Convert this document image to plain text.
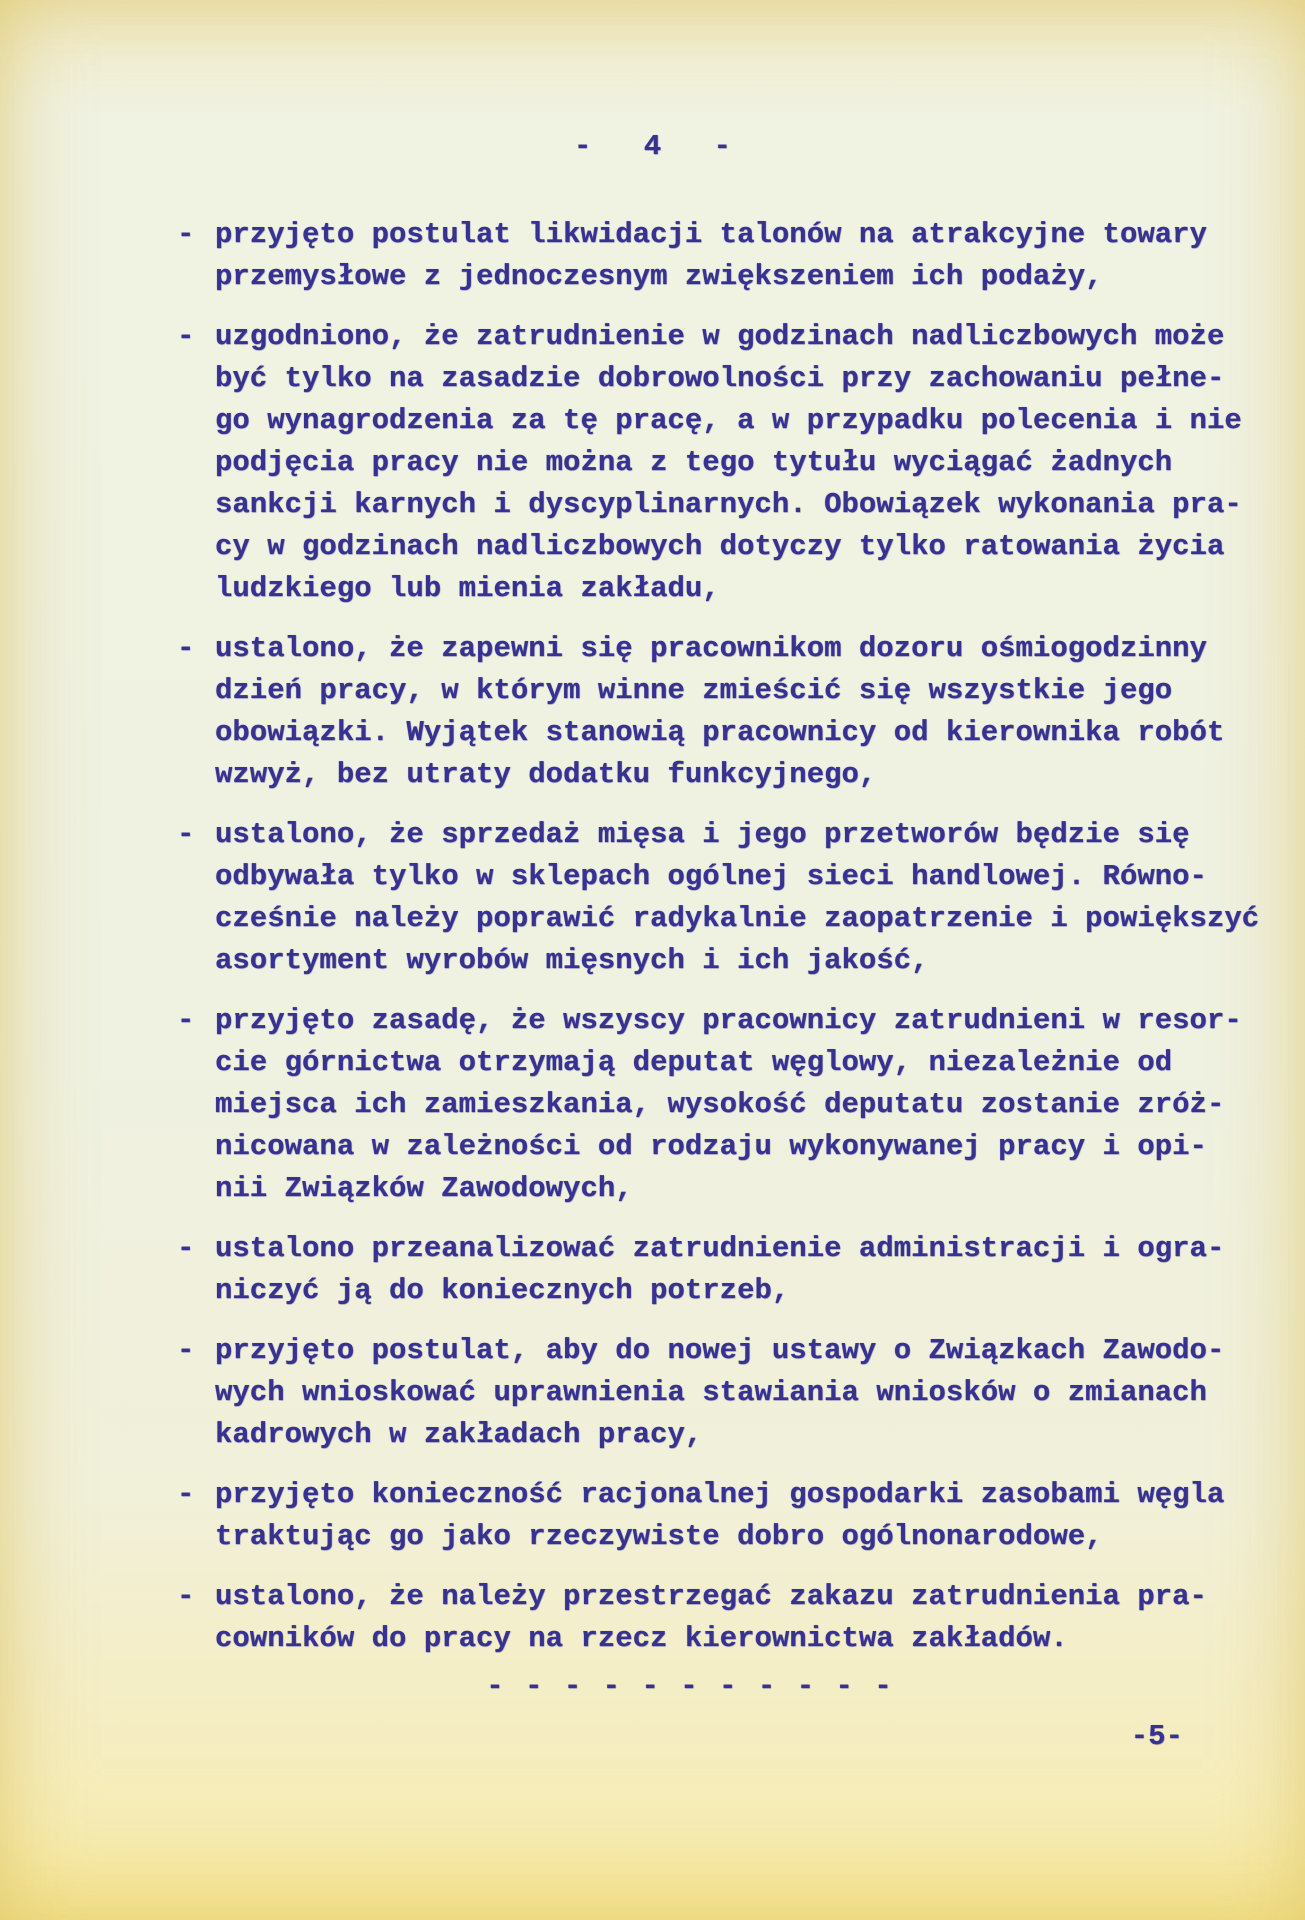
- 4 -
- przyjęto postulat likwidacji talonów na atrakcyjne towary
przemysłowe z jednoczesnym zwiększeniem ich podaży,
- uzgodniono, że zatrudnienie w godzinach nadliczbowych może
być tylko na zasadzie dobrowolności przy zachowaniu pełne-
go wynagrodzenia za tę pracę, a w przypadku polecenia i nie
podjęcia pracy nie można z tego tytułu wyciągać żadnych
sankcji karnych i dyscyplinarnych. Obowiązek wykonania pra-
cy w godzinach nadliczbowych dotyczy tylko ratowania życia
ludzkiego lub mienia zakładu,
- ustalono, że zapewni się pracownikom dozoru ośmiogodzinny
dzień pracy, w którym winne zmieścić się wszystkie jego
obowiązki. Wyjątek stanowią pracownicy od kierownika robót
wzwyż, bez utraty dodatku funkcyjnego,
- ustalono, że sprzedaż mięsa i jego przetworów będzie się
odbywała tylko w sklepach ogólnej sieci handlowej. Równo-
cześnie należy poprawić radykalnie zaopatrzenie i powiększyć
asortyment wyrobów mięsnych i ich jakość,
- przyjęto zasadę, że wszyscy pracownicy zatrudnieni w resor-
cie górnictwa otrzymają deputat węglowy, niezależnie od
miejsca ich zamieszkania, wysokość deputatu zostanie zróż-
nicowana w zależności od rodzaju wykonywanej pracy i opi-
nii Związków Zawodowych,
- ustalono przeanalizować zatrudnienie administracji i ogra-
niczyć ją do koniecznych potrzeb,
- przyjęto postulat, aby do nowej ustawy o Związkach Zawodo-
wych wnioskować uprawnienia stawiania wniosków o zmianach
kadrowych w zakładach pracy,
- przyjęto konieczność racjonalnej gospodarki zasobami węgla
traktując go jako rzeczywiste dobro ogólnonarodowe,
- ustalono, że należy przestrzegać zakazu zatrudnienia pra-
cowników do pracy na rzecz kierownictwa zakładów.
- - - - - - - - - - -
-5-
